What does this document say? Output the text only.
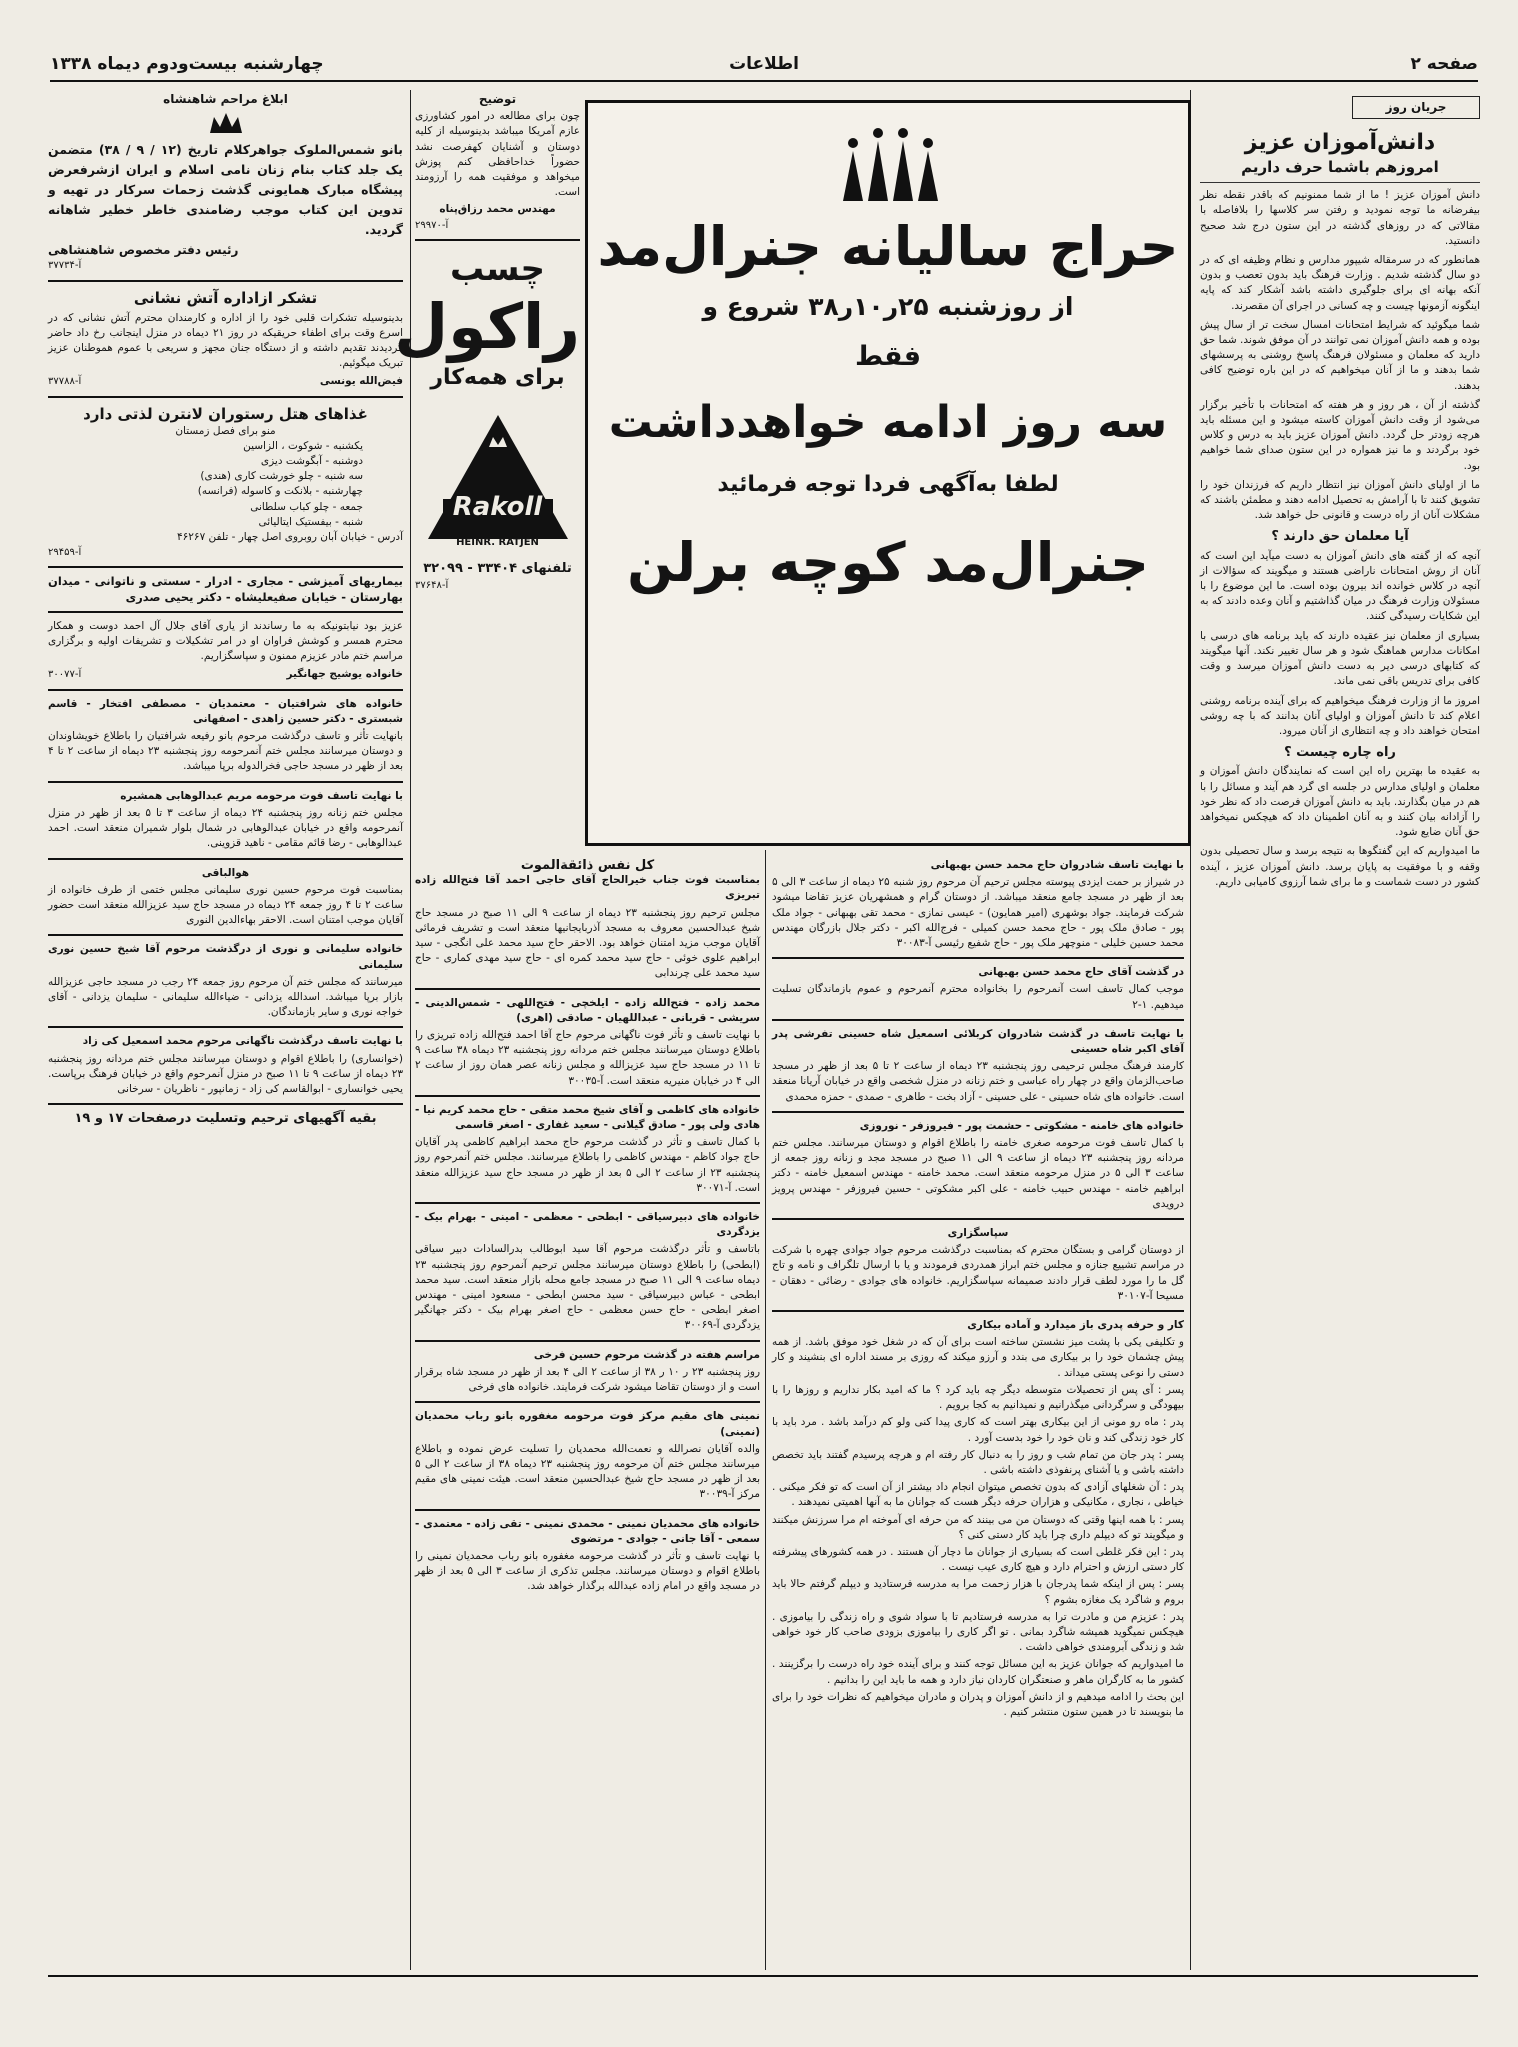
صفحه ۲
اطلاعات
چهارشنبه بیست‌ودوم دیماه ۱۳۳۸
جریان روز
دانش‌آموزان عزیز
امروزهم باشما حرف داریم

دانش آموزان عزیز ! ما از شما ممنونیم که باقدر نقطه نظر بیفرضانه ما توجه نمودید و رفتن سر کلاسها را بلافاصله با مقالاتی که در روزهای گذشته در این ستون درج شد صحیح دانستید.

همانطور که در سرمقاله شیپور مدارس و نظام وظیفه ای که در دو سال گذشته شدیم . وزارت فرهنگ باید بدون تعصب و بدون آنکه بهانه ای برای جلوگیری داشته باشد آشکار کند که پایه اینگونه آزمونها چیست و چه کسانی در اجرای آن مقصرند.

شما میگوئید که شرایط امتحانات امسال سخت تر از سال پیش بوده و همه دانش آموزان نمی توانند در آن موفق شوند. شما حق دارید که معلمان و مسئولان فرهنگ پاسخ روشنی به پرسشهای شما بدهند و ما از آنان میخواهیم که در این باره توضیح کافی بدهند.

گذشته از آن ، هر روز و هر هفته که امتحانات با تأخیر برگزار می‌شود از وقت دانش آموزان کاسته میشود و این مسئله باید هرچه زودتر حل گردد. دانش آموزان عزیز باید به درس و کلاس خود برگردند و ما نیز همواره در این ستون صدای شما خواهیم بود.

ما از اولیای دانش آموزان نیز انتظار داریم که فرزندان خود را تشویق کنند تا با آرامش به تحصیل ادامه دهند و مطمئن باشند که مشکلات آنان از راه درست و قانونی حل خواهد شد.

آیا معلمان حق دارند ؟

آنچه که از گفته های دانش آموزان به دست میآید این است که آنان از روش امتحانات ناراضی هستند و میگویند که سؤالات از آنچه در کلاس خوانده اند بیرون بوده است. ما این موضوع را با مسئولان وزارت فرهنگ در میان گذاشتیم و آنان وعده دادند که به این شکایات رسیدگی کنند.

بسیاری از معلمان نیز عقیده دارند که باید برنامه های درسی با امکانات مدارس هماهنگ شود و هر سال تغییر نکند. آنها میگویند که کتابهای درسی دیر به دست دانش آموزان میرسد و وقت کافی برای تدریس باقی نمی ماند.

امروز ما از وزارت فرهنگ میخواهیم که برای آینده برنامه روشنی اعلام کند تا دانش آموزان و اولیای آنان بدانند که با چه روشی امتحان خواهند داد و چه انتظاری از آنان میرود.

راه چاره چیست ؟

به عقیده ما بهترین راه این است که نمایندگان دانش آموزان و معلمان و اولیای مدارس در جلسه ای گرد هم آیند و مسائل را با هم در میان بگذارند. باید به دانش آموزان فرصت داد که نظر خود را آزادانه بیان کنند و به آنان اطمینان داد که هیچکس نمیخواهد حق آنان ضایع شود.

ما امیدواریم که این گفتگوها به نتیجه برسد و سال تحصیلی بدون وقفه و با موفقیت به پایان برسد. دانش آموزان عزیز ، آینده کشور در دست شماست و ما برای شما آرزوی کامیابی داریم.

حراج سالیانه جنرال‌مد
از روزشنبه ۲۵ر۱۰ر۳۸ شروع و
فقط
سه روز ادامه خواهدداشت
لطفا به‌آگهی فردا توجه فرمائید
جنرال‌مد کوچه برلن
توضیح

چون برای مطالعه در امور کشاورزی عازم آمریکا میباشد بدینوسیله از کلیه دوستان و آشنایان کهفرصت نشد حضوراً خداحافظی کنم پوزش میخواهد و موفقیت همه را آرزومند است.

مهندس محمد رزاق‌پناه
آ-۲۹۹۷۰
چسب
راکول
برای همه‌کار
Rakoll
HEINR. RATJEN
تلفنهای ۳۳۴۰۴ - ۳۲۰۹۹
آ-۳۷۶۴۸
ابلاغ مراحم شاهنشاه

بانو شمس‌الملوک جواهرکلام تاریخ (۱۲ / ۹ / ۳۸) متضمن یک جلد کتاب بنام زنان نامی اسلام و ایران ازشرفعرض پیشگاه مبارک همایونی گذشت زحمات سرکار در تهیه و تدوین این کتاب موجب رضامندی خاطر خطیر شاهانه گردید.

رئیس دفتر مخصوص شاهنشاهی
آ-۳۷۷۳۴
تشکر ازاداره آتش نشانی

بدینوسیله تشکرات قلبی خود را از اداره و کارمندان محترم آتش نشانی که در اسرع وقت برای اطفاء حریقیکه در روز ۲۱ دیماه در منزل اینجانب رخ داد حاضر گردیدند تقدیم داشته و از دستگاه جنان مجهز و سریعی با عموم هموطنان عزیز تبریک میگوئیم.

فیض‌الله یونسی
آ-۳۷۷۸۸
غذاهای هتل رستوران لانترن لذتی دارد
منو برای فصل زمستان
یکشنبه - شوکوت ، الزاسین
دوشنبه - آبگوشت دیزی
سه شنبه - چلو خورشت کاری (هندی)
چهارشنبه - بلانکت و کاسوله (فرانسه)
جمعه - چلو کباب سلطانی
شنبه - بیفستیک ایتالیائی
آدرس - خیابان آبان روبروی اصل چهار - تلفن ۴۶۲۶۷
آ-۲۹۴۵۹
بیماریهای آمیزشی - مجاری - ادرار - سستی و ناتوانی - میدان بهارستان - خیابان صفیعلیشاه - دکتر یحیی صدری

عزیز بود نیابتونیکه به ما رساندند از یاری آقای جلال آل احمد دوست و همکار محترم همسر و کوشش فراوان او در امر تشکیلات و تشریفات اولیه و برگزاری مراسم ختم مادر عزیزم ممنون و سپاسگزاریم.

خانواده یوشیج جهانگیر
آ-۳۰۰۷۷
خانواده های شرافتیان - معتمدیان - مصطفی افتخار - قاسم شبستری - دکتر حسین زاهدی - اصفهانی

بانهایت تأثر و تاسف درگذشت مرحوم بانو رفیعه شرافتیان را باطلاع خویشاوندان و دوستان میرسانند مجلس ختم آنمرحومه روز پنجشنبه ۲۳ دیماه از ساعت ۲ تا ۴ بعد از ظهر در مسجد حاجی فخرالدوله برپا میباشد.

با نهایت تاسف فوت مرحومه مریم عبدالوهابی همشیره

مجلس ختم زنانه روز پنجشنبه ۲۴ دیماه از ساعت ۳ تا ۵ بعد از ظهر در منزل آنمرحومه واقع در خیابان عبدالوهابی در شمال بلوار شمیران منعقد است. احمد عبدالوهابی - رضا قائم مقامی - ناهید قزوینی.

هوالباقی

بمناسبت فوت مرحوم حسین نوری سلیمانی مجلس ختمی از طرف خانواده از ساعت ۲ تا ۴ روز جمعه ۲۴ دیماه در مسجد حاج سید عزیزالله منعقد است حضور آقایان موجب امتنان است. الاحقر بهاءالدین النوری

خانواده سلیمانی و نوری از درگذشت مرحوم آقا شیخ حسین نوری سلیمانی

میرسانند که مجلس ختم آن مرحوم روز جمعه ۲۴ رجب در مسجد حاجی عزیزالله بازار برپا میباشد. اسدالله یزدانی - ضیاءالله سلیمانی - سلیمان یزدانی - آقای خواجه نوری و سایر بازماندگان.

با نهایت تاسف درگذشت ناگهانی مرحوم محمد اسمعیل کی زاد

(خوانساری) را باطلاع اقوام و دوستان میرسانند مجلس ختم مردانه روز پنجشنبه ۲۳ دیماه از ساعت ۹ تا ۱۱ صبح در منزل آنمرحوم واقع در خیابان فرهنگ برپاست. یحیی خوانساری - ابوالقاسم کی زاد - زمانپور - ناظریان - سرخانی

بقیه آگهیهای ترحیم وتسلیت درصفحات ۱۷ و ۱۹
کل نفس ذائقةالموت
بمناسبت فوت جناب خیرالحاج آقای حاجی احمد آقا فتح‌الله زاده تبریزی

مجلس ترحیم روز پنجشنبه ۲۳ دیماه از ساعت ۹ الی ۱۱ صبح در مسجد حاج شیخ عبدالحسین معروف به مسجد آذربایجانیها منعقد است و تشریف فرمائی آقایان موجب مزید امتنان خواهد بود. الاحقر حاج سید محمد علی انگجی - سید ابراهیم علوی خوئی - حاج سید محمد کمره ای - حاج سید مهدی کماری - حاج سید محمد علی چرندابی

محمد زاده - فتح‌الله زاده - ایلخچی - فتح‌اللهی - شمس‌الدینی - سریشی - قربانی - عبداللهیان - صادقی (اهری)

با نهایت تاسف و تأثر فوت ناگهانی مرحوم حاج آقا احمد فتح‌الله زاده تبریزی را باطلاع دوستان میرسانند مجلس ختم مردانه روز پنجشنبه ۲۳ دیماه ۳۸ ساعت ۹ تا ۱۱ در مسجد حاج سید عزیزالله و مجلس زنانه عصر همان روز از ساعت ۲ الی ۴ در خیابان منیریه منعقد است. آ-۳۰۰۳۵

خانواده های کاظمی و آقای شیخ محمد متقی - حاج محمد کریم نیا - هادی ولی پور - صادق گیلانی - سعید غفاری - اصغر قاسمی

با کمال تاسف و تأثر در گذشت مرحوم حاج محمد ابراهیم کاظمی پدر آقایان حاج جواد کاظم - مهندس کاظمی را باطلاع میرسانند. مجلس ختم آنمرحوم روز پنجشنبه ۲۳ از ساعت ۲ الی ۵ بعد از ظهر در مسجد حاج سید عزیزالله منعقد است. آ-۳۰۰۷۱

خانواده های دبیرسیاقی - ابطحی - معظمی - امینی - بهرام بیک - یزدگردی

باتاسف و تأثر درگذشت مرحوم آقا سید ابوطالب بدرالسادات دبیر سیاقی (ابطحی) را باطلاع دوستان میرسانند مجلس ترحیم آنمرحوم روز پنجشنبه ۲۳ دیماه ساعت ۹ الی ۱۱ صبح در مسجد جامع محله بازار منعقد است. سید محمد ابطحی - عباس دبیرسیاقی - سید محسن ابطحی - مسعود امینی - مهندس اصغر ابطحی - حاج حسن معظمی - حاج اصغر بهرام بیک - دکتر جهانگیر یزدگردی آ-۳۰۰۶۹

مراسم هفته در گذشت مرحوم حسین فرخی

روز پنجشنبه ۲۳ ر ۱۰ ر ۳۸ از ساعت ۲ الی ۴ بعد از ظهر در مسجد شاه برقرار است و از دوستان تقاضا میشود شرکت فرمایند. خانواده های فرخی

نمینی های مقیم مرکز فوت مرحومه مغفوره بانو رباب محمدیان (نمینی)

والده آقایان نصرالله و نعمت‌الله محمدیان را تسلیت عرض نموده و باطلاع میرسانند مجلس ختم آن مرحومه روز پنجشنبه ۲۳ دیماه ۳۸ از ساعت ۲ الی ۵ بعد از ظهر در مسجد حاج شیخ عبدالحسین منعقد است. هیئت نمینی های مقیم مرکز آ-۳۰۰۳۹

خانواده های محمدیان نمینی - محمدی نمینی - تقی زاده - معتمدی - سمعی - آقا جانی - جوادی - مرتضوی

با نهایت تاسف و تأثر در گذشت مرحومه مغفوره بانو رباب محمدیان نمینی را باطلاع اقوام و دوستان میرسانند. مجلس تذکری از ساعت ۳ الی ۵ بعد از ظهر در مسجد واقع در امام زاده عبدالله برگذار خواهد شد.

با نهایت تاسف شادروان حاج محمد حسن بهبهانی

در شیراز بر حمت ایزدی پیوسته مجلس ترحیم آن مرحوم روز شنبه ۲۵ دیماه از ساعت ۳ الی ۵ بعد از ظهر در مسجد جامع منعقد میباشد. از دوستان گرام و همشهریان عزیز تقاضا میشود شرکت فرمایند. جواد بوشهری (امیر همایون) - عیسی نمازی - محمد تقی بهبهانی - جواد ملک پور - صادق ملک پور - حاج محمد حسن کمیلی - فرج‌الله اکبر - دکتر جلال بازرگان مهندس محمد حسین خلیلی - منوچهر ملک پور - حاج شفیع رئیسی آ-۳۰۰۸۳

در گذشت آقای حاج محمد حسن بهبهانی

موجب کمال تاسف است آنمرحوم را بخانواده محترم آنمرحوم و عموم بازماندگان تسلیت میدهیم. ۱-۲

با نهایت تاسف در گذشت شادروان کربلائی اسمعیل شاه حسینی تفرشی پدر آقای اکبر شاه حسینی

کارمند فرهنگ مجلس ترحیمی روز پنجشنبه ۲۳ دیماه از ساعت ۲ تا ۵ بعد از ظهر در مسجد صاحب‌الزمان واقع در چهار راه عباسی و ختم زنانه در منزل شخصی واقع در خیابان آریانا منعقد است. خانواده های شاه حسینی - علی حسینی - آزاد بخت - طاهری - صمدی - حمزه محمدی

خانواده های خامنه - مشکوتی - حشمت پور - فیروزفر - نوروزی

با کمال تاسف فوت مرحومه صغری خامنه را باطلاع اقوام و دوستان میرسانند. مجلس ختم مردانه روز پنجشنبه ۲۳ دیماه از ساعت ۹ الی ۱۱ صبح در مسجد مجد و زنانه روز جمعه از ساعت ۳ الی ۵ در منزل مرحومه منعقد است. محمد خامنه - مهندس اسمعیل خامنه - دکتر ابراهیم خامنه - مهندس حبیب خامنه - علی اکبر مشکوتی - حسین فیروزفر - مهندس پرویز درویدی

سپاسگزاری

از دوستان گرامی و بستگان محترم که بمناسبت درگذشت مرحوم جواد جوادی چهره با شرکت در مراسم تشییع جنازه و مجلس ختم ابراز همدردی فرمودند و یا با ارسال تلگراف و نامه و تاج گل ما را مورد لطف قرار دادند صمیمانه سپاسگزاریم. خانواده های جوادی - رضائی - دهقان - مسیحا آ-۳۰۱۰۷

کار و حرفه پدری باز میدارد و آماده بیکاری

و تکلیفی یکی با پشت میز نشستن ساخته است برای آن که در شغل خود موفق باشد. از همه پیش چشمان خود را بر بیکاری می بندد و آرزو میکند که روزی بر مسند اداره ای بنشیند و کار دستی را نوعی پستی میداند .

پسر : آی پس از تحصیلات متوسطه دیگر چه باید کرد ؟ ما که امید بکار نداریم و روزها را با بیهودگی و سرگردانی میگذرانیم و نمیدانیم به کجا برویم .

پدر : ماه رو مونی از این بیکاری بهتر است که کاری پیدا کنی ولو کم درآمد باشد . مرد باید با کار خود زندگی کند و نان خود را خود بدست آورد .

پسر : پدر جان من تمام شب و روز را به دنبال کار رفته ام و هرچه پرسیدم گفتند باید تخصص داشته باشی و یا آشنای پرنفوذی داشته باشی .

پدر : آن شغلهای آزادی که بدون تخصص میتوان انجام داد بیشتر از آن است که تو فکر میکنی . خیاطی ، نجاری ، مکانیکی و هزاران حرفه دیگر هست که جوانان ما به آنها اهمیتی نمیدهند .

پسر : با همه اینها وقتی که دوستان من می بینند که من حرفه ای آموخته ام مرا سرزنش میکنند و میگویند تو که دیپلم داری چرا باید کار دستی کنی ؟

پدر : این فکر غلطی است که بسیاری از جوانان ما دچار آن هستند . در همه کشورهای پیشرفته کار دستی ارزش و احترام دارد و هیچ کاری عیب نیست .

پسر : پس از اینکه شما پدرجان با هزار زحمت مرا به مدرسه فرستادید و دیپلم گرفتم حالا باید بروم و شاگرد یک مغازه بشوم ؟

پدر : عزیزم من و مادرت ترا به مدرسه فرستادیم تا با سواد شوی و راه زندگی را بیاموزی . هیچکس نمیگوید همیشه شاگرد بمانی . تو اگر کاری را بیاموزی بزودی صاحب کار خود خواهی شد و زندگی آبرومندی خواهی داشت .

ما امیدواریم که جوانان عزیز به این مسائل توجه کنند و برای آینده خود راه درست را برگزینند . کشور ما به کارگران ماهر و صنعتگران کاردان نیاز دارد و همه ما باید این را بدانیم .

این بحث را ادامه میدهیم و از دانش آموزان و پدران و مادران میخواهیم که نظرات خود را برای ما بنویسند تا در همین ستون منتشر کنیم .
